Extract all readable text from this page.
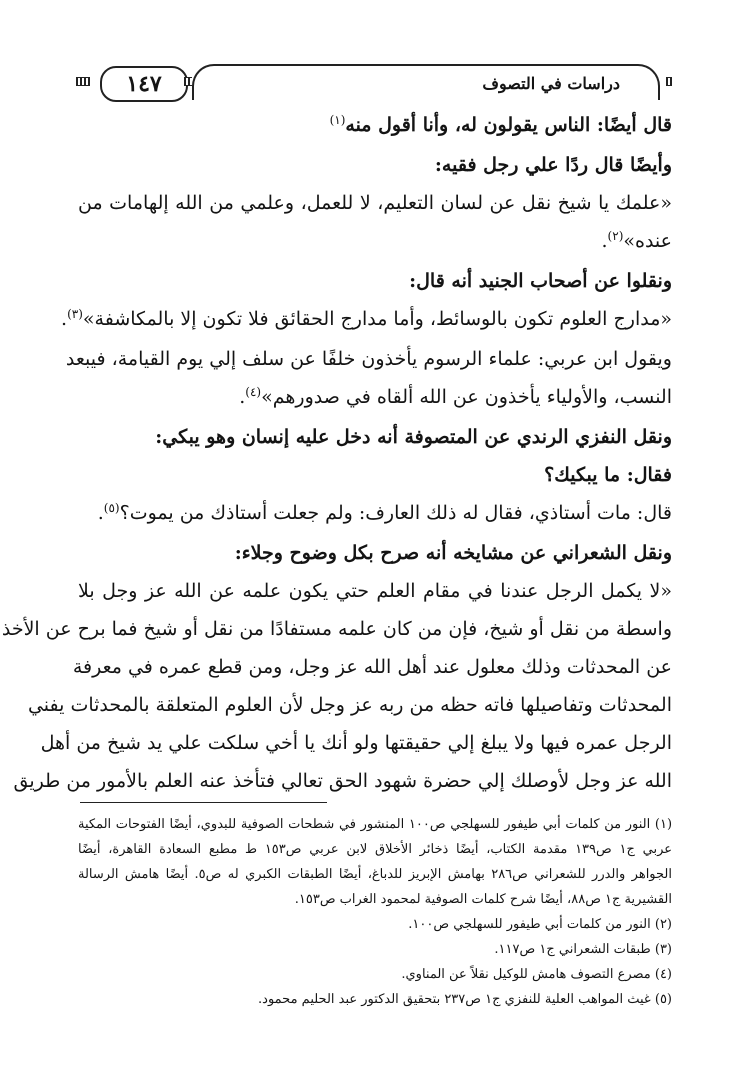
١٤٧	دراسات في التصوف
قال أيضًا: الناس يقولون له، وأنا أقول منه$^{(١)}$
وأيضًا قال ردًا علي رجل فقيه:
«علمك يا شيخ نقل عن لسان التعليم، لا للعمل، وعلمي من الله إلهامات من
عنده»$^{(٢)}$.
ونقلوا عن أصحاب الجنيد أنه قال:
«مدارج العلوم تكون بالوسائط، وأما مدارج الحقائق فلا تكون إلا بالمكاشفة»$^{(٣)}$.
ويقول ابن عربي: علماء الرسوم يأخذون خلفًا عن سلف إلي يوم القيامة، فيبعد
النسب، والأولياء يأخذون عن الله ألقاه في صدورهم»$^{(٤)}$.
ونقل النفزي الرندي عن المتصوفة أنه دخل عليه إنسان وهو يبكي:
فقال: ما يبكيك؟
قال: مات أستاذي، فقال له ذلك العارف: ولم جعلت أستاذك من يموت؟$^{(٥)}$.
ونقل الشعراني عن مشايخه أنه صرح بكل وضوح وجلاء:
«لا يكمل الرجل عندنا في مقام العلم حتي يكون علمه عن الله عز وجل بلا
واسطة من نقل أو شيخ، فإن من كان علمه مستفادًا من نقل أو شيخ فما برح عن الأخذ
عن المحدثات وذلك معلول عند أهل الله عز وجل، ومن قطع عمره في معرفة
المحدثات وتفاصيلها فاته حظه من ربه عز وجل لأن العلوم المتعلقة بالمحدثات يفني
الرجل عمره فيها ولا يبلغ إلي حقيقتها ولو أنك يا أخي سلكت علي يد شيخ من أهل
الله عز وجل لأوصلك إلي حضرة شهود الحق تعالي فتأخذ عنه العلم بالأمور من طريق
(١) النور من كلمات أبي طيفور للسهلجي ص١٠٠ المنشور في شطحات الصوفية للبدوي، أيضًا الفتوحات المكية
عربي ج١ ص١٣٩ مقدمة الكتاب، أيضًا ذخائر الأخلاق لابن عربي ص١٥٣ ط مطبع السعادة القاهرة، أيضًا
الجواهر والدرر للشعراني ص٢٨٦ بهامش الإبريز للدباغ، أيضًا الطبقات الكبري له ص٥. أيضًا هامش الرسالة
القشيرية ج١ ص٨٨، أيضًا شرح كلمات الصوفية لمحمود الغراب ص١٥٣.
(٢) النور من كلمات أبي طيفور للسهلجي ص١٠٠.
(٣) طبقات الشعراني ج١ ص١١٧.
(٤) مصرع التصوف هامش للوكيل نقلاً عن المناوي.
(٥) غيث المواهب العلية للنفزي ج١ ص٢٣٧ بتحقيق الدكتور عبد الحليم محمود.
